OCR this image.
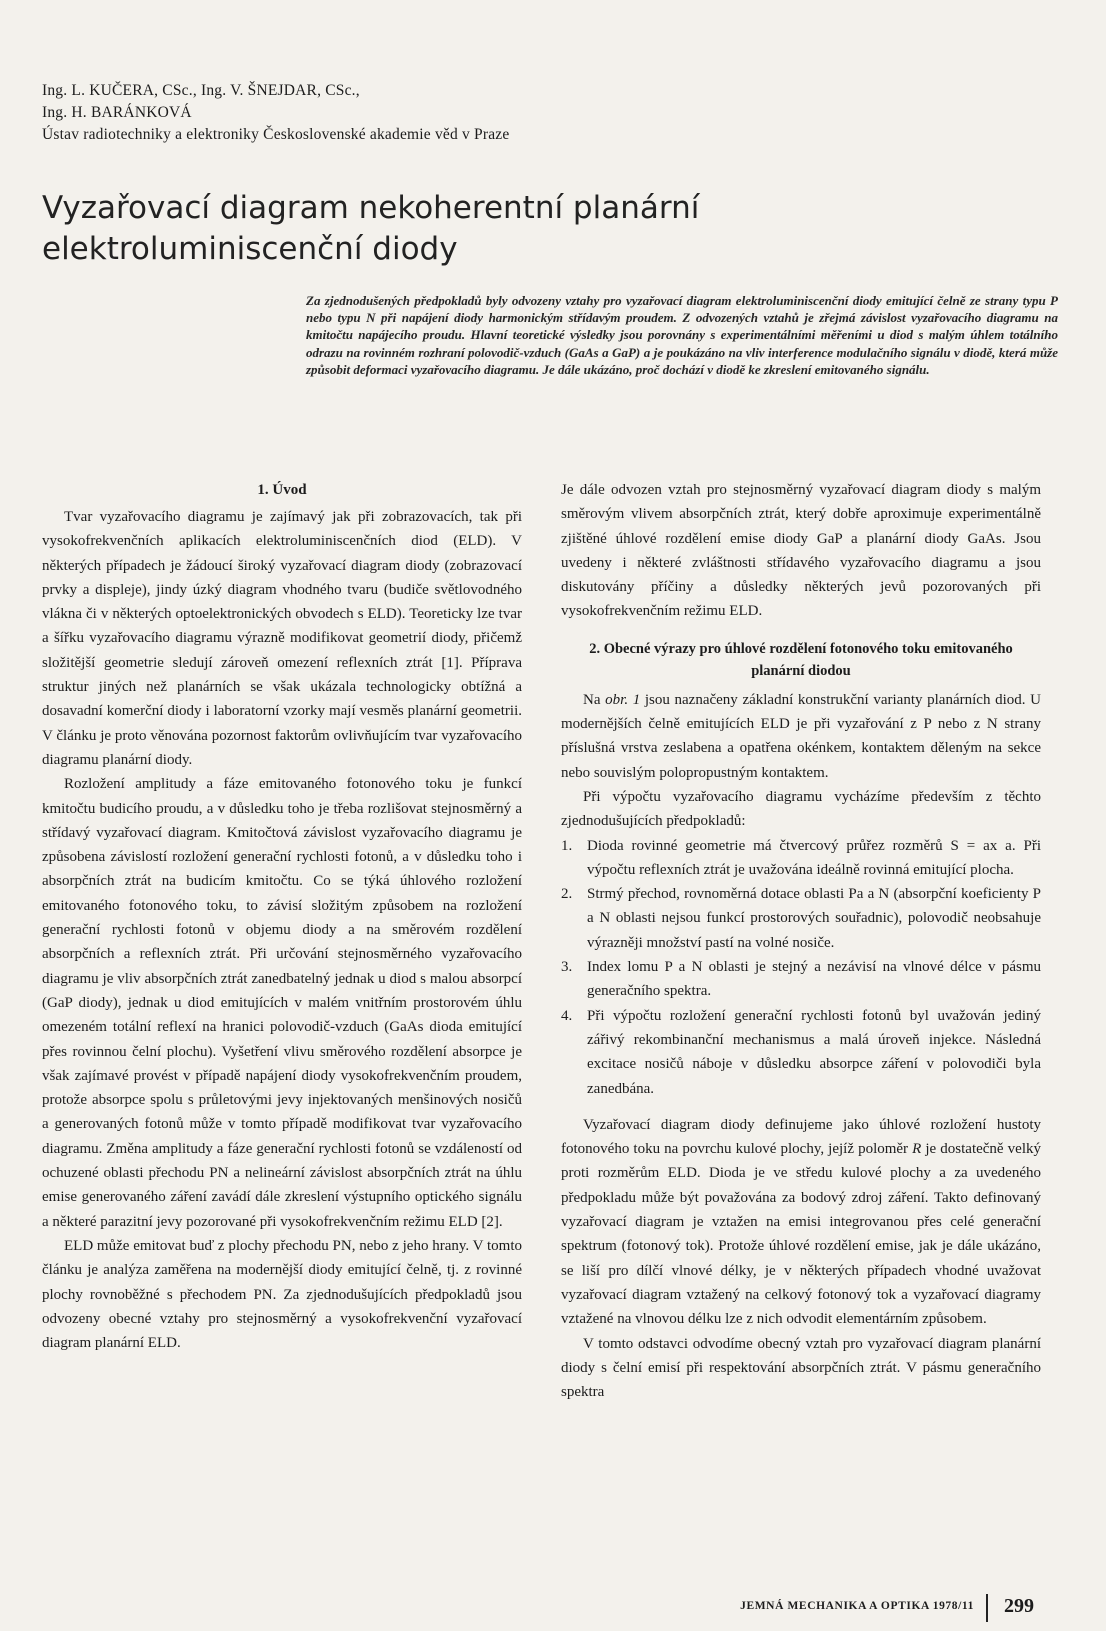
Ing. L. KUČERA, CSc., Ing. V. ŠNEJDAR, CSc.,
Ing. H. BARÁNKOVÁ
Ústav radiotechniky a elektroniky Československé akademie věd v Praze
Vyzařovací diagram nekoherentní planární
elektroluminiscenční diody
Za zjednodušených předpokladů byly odvozeny vztahy pro vyzařovací diagram elektroluminiscenční diody emitující čelně ze strany typu P nebo typu N při napájení diody harmonickým střídavým proudem. Z odvozených vztahů je zřejmá závislost vyzařovacího diagramu na kmitočtu napájecího proudu. Hlavní teoretické výsledky jsou porovnány s experimentálními měřeními u diod s malým úhlem totálního odrazu na rovinném rozhraní polovodič-vzduch (GaAs a GaP) a je poukázáno na vliv interference modulačního signálu v diodě, která může způsobit deformaci vyzařovacího diagramu. Je dále ukázáno, proč dochází v diodě ke zkreslení emitovaného signálu.
1. Úvod

Tvar vyzařovacího diagramu je zajímavý jak při zobrazovacích, tak při vysokofrekvenčních aplikacích elektroluminiscenčních diod (ELD). V některých případech je žádoucí široký vyzařovací diagram diody (zobrazovací prvky a displeje), jindy úzký diagram vhodného tvaru (budiče světlovodného vlákna či v některých optoelektronických obvodech s ELD). Teoreticky lze tvar a šířku vyzařovacího diagramu výrazně modifikovat geometrií diody, přičemž složitější geometrie sledují zároveň omezení reflexních ztrát [1]. Příprava struktur jiných než planárních se však ukázala technologicky obtížná a dosavadní komerční diody i laboratorní vzorky mají vesměs planární geometrii. V článku je proto věnována pozornost faktorům ovlivňujícím tvar vyzařovacího diagramu planární diody.

Rozložení amplitudy a fáze emitovaného fotonového toku je funkcí kmitočtu budicího proudu, a v důsledku toho je třeba rozlišovat stejnosměrný a střídavý vyzařovací diagram. Kmitočtová závislost vyzařovacího diagramu je způsobena závislostí rozložení generační rychlosti fotonů, a v důsledku toho i absorpčních ztrát na budicím kmitočtu. Co se týká úhlového rozložení emitovaného fotonového toku, to závisí složitým způsobem na rozložení generační rychlosti fotonů v objemu diody a na směrovém rozdělení absorpčních a reflexních ztrát. Při určování stejnosměrného vyzařovacího diagramu je vliv absorpčních ztrát zanedbatelný jednak u diod s malou absorpcí (GaP diody), jednak u diod emitujících v malém vnitřním prostorovém úhlu omezeném totální reflexí na hranici polovodič-vzduch (GaAs dioda emitující přes rovinnou čelní plochu). Vyšetření vlivu směrového rozdělení absorpce je však zajímavé provést v případě napájení diody vysokofrekvenčním proudem, protože absorpce spolu s průletovými jevy injektovaných menšinových nosičů a generovaných fotonů může v tomto případě modifikovat tvar vyzařovacího diagramu. Změna amplitudy a fáze generační rychlosti fotonů se vzdáleností od ochuzené oblasti přechodu PN a nelineární závislost absorpčních ztrát na úhlu emise generovaného záření zavádí dále zkreslení výstupního optického signálu a některé parazitní jevy pozorované při vysokofrekvenčním režimu ELD [2].

ELD může emitovat buď z plochy přechodu PN, nebo z jeho hrany. V tomto článku je analýza zaměřena na modernější diody emitující čelně, tj. z rovinné plochy rovnoběžné s přechodem PN. Za zjednodušujících předpokladů jsou odvozeny obecné vztahy pro stejnosměrný a vysokofrekvenční vyzařovací diagram planární ELD.

Je dále odvozen vztah pro stejnosměrný vyzařovací diagram diody s malým směrovým vlivem absorpčních ztrát, který dobře aproximuje experimentálně zjištěné úhlové rozdělení emise diody GaP a planární diody GaAs. Jsou uvedeny i některé zvláštnosti střídavého vyzařovacího diagramu a jsou diskutovány příčiny a důsledky některých jevů pozorovaných při vysokofrekvenčním režimu ELD.

2. Obecné výrazy pro úhlové rozdělení fotonového toku emitovaného planární diodou

Na obr. 1 jsou naznačeny základní konstrukční varianty planárních diod. U modernějších čelně emitujících ELD je při vyzařování z P nebo z N strany příslušná vrstva zeslabena a opatřena okénkem, kontaktem děleným na sekce nebo souvislým polopropustným kontaktem.

Při výpočtu vyzařovacího diagramu vycházíme především z těchto zjednodušujících předpokladů:

1. Dioda rovinné geometrie má čtvercový průřez rozměrů S = ax a. Při výpočtu reflexních ztrát je uvažována ideálně rovinná emitující plocha.
2. Strmý přechod, rovnoměrná dotace oblasti Pa a N (absorpční koeficienty P a N oblasti nejsou funkcí prostorových souřadnic), polovodič neobsahuje výrazněji množství pastí na volné nosiče.
3. Index lomu P a N oblasti je stejný a nezávisí na vlnové délce v pásmu generačního spektra.
4. Při výpočtu rozložení generační rychlosti fotonů byl uvažován jediný zářivý rekombinanční mechanismus a malá úroveň injekce. Následná excitace nosičů náboje v důsledku absorpce záření v polovodiči byla zanedbána.

Vyzařovací diagram diody definujeme jako úhlové rozložení hustoty fotonového toku na povrchu kulové plochy, jejíž poloměr R je dostatečně velký proti rozměrům ELD. Dioda je ve středu kulové plochy a za uvedeného předpokladu může být považována za bodový zdroj záření. Takto definovaný vyzařovací diagram je vztažen na emisi integrovanou přes celé generační spektrum (fotonový tok). Protože úhlové rozdělení emise, jak je dále ukázáno, se liší pro dílčí vlnové délky, je v některých případech vhodné uvažovat vyzařovací diagram vztažený na celkový fotonový tok a vyzařovací diagramy vztažené na vlnovou délku lze z nich odvodit elementárním způsobem.

V tomto odstavci odvodíme obecný vztah pro vyzařovací diagram planární diody s čelní emisí při respektování absorpčních ztrát. V pásmu generačního spektra

JEMNÁ MECHANIKA A OPTIKA 1978/11 299
